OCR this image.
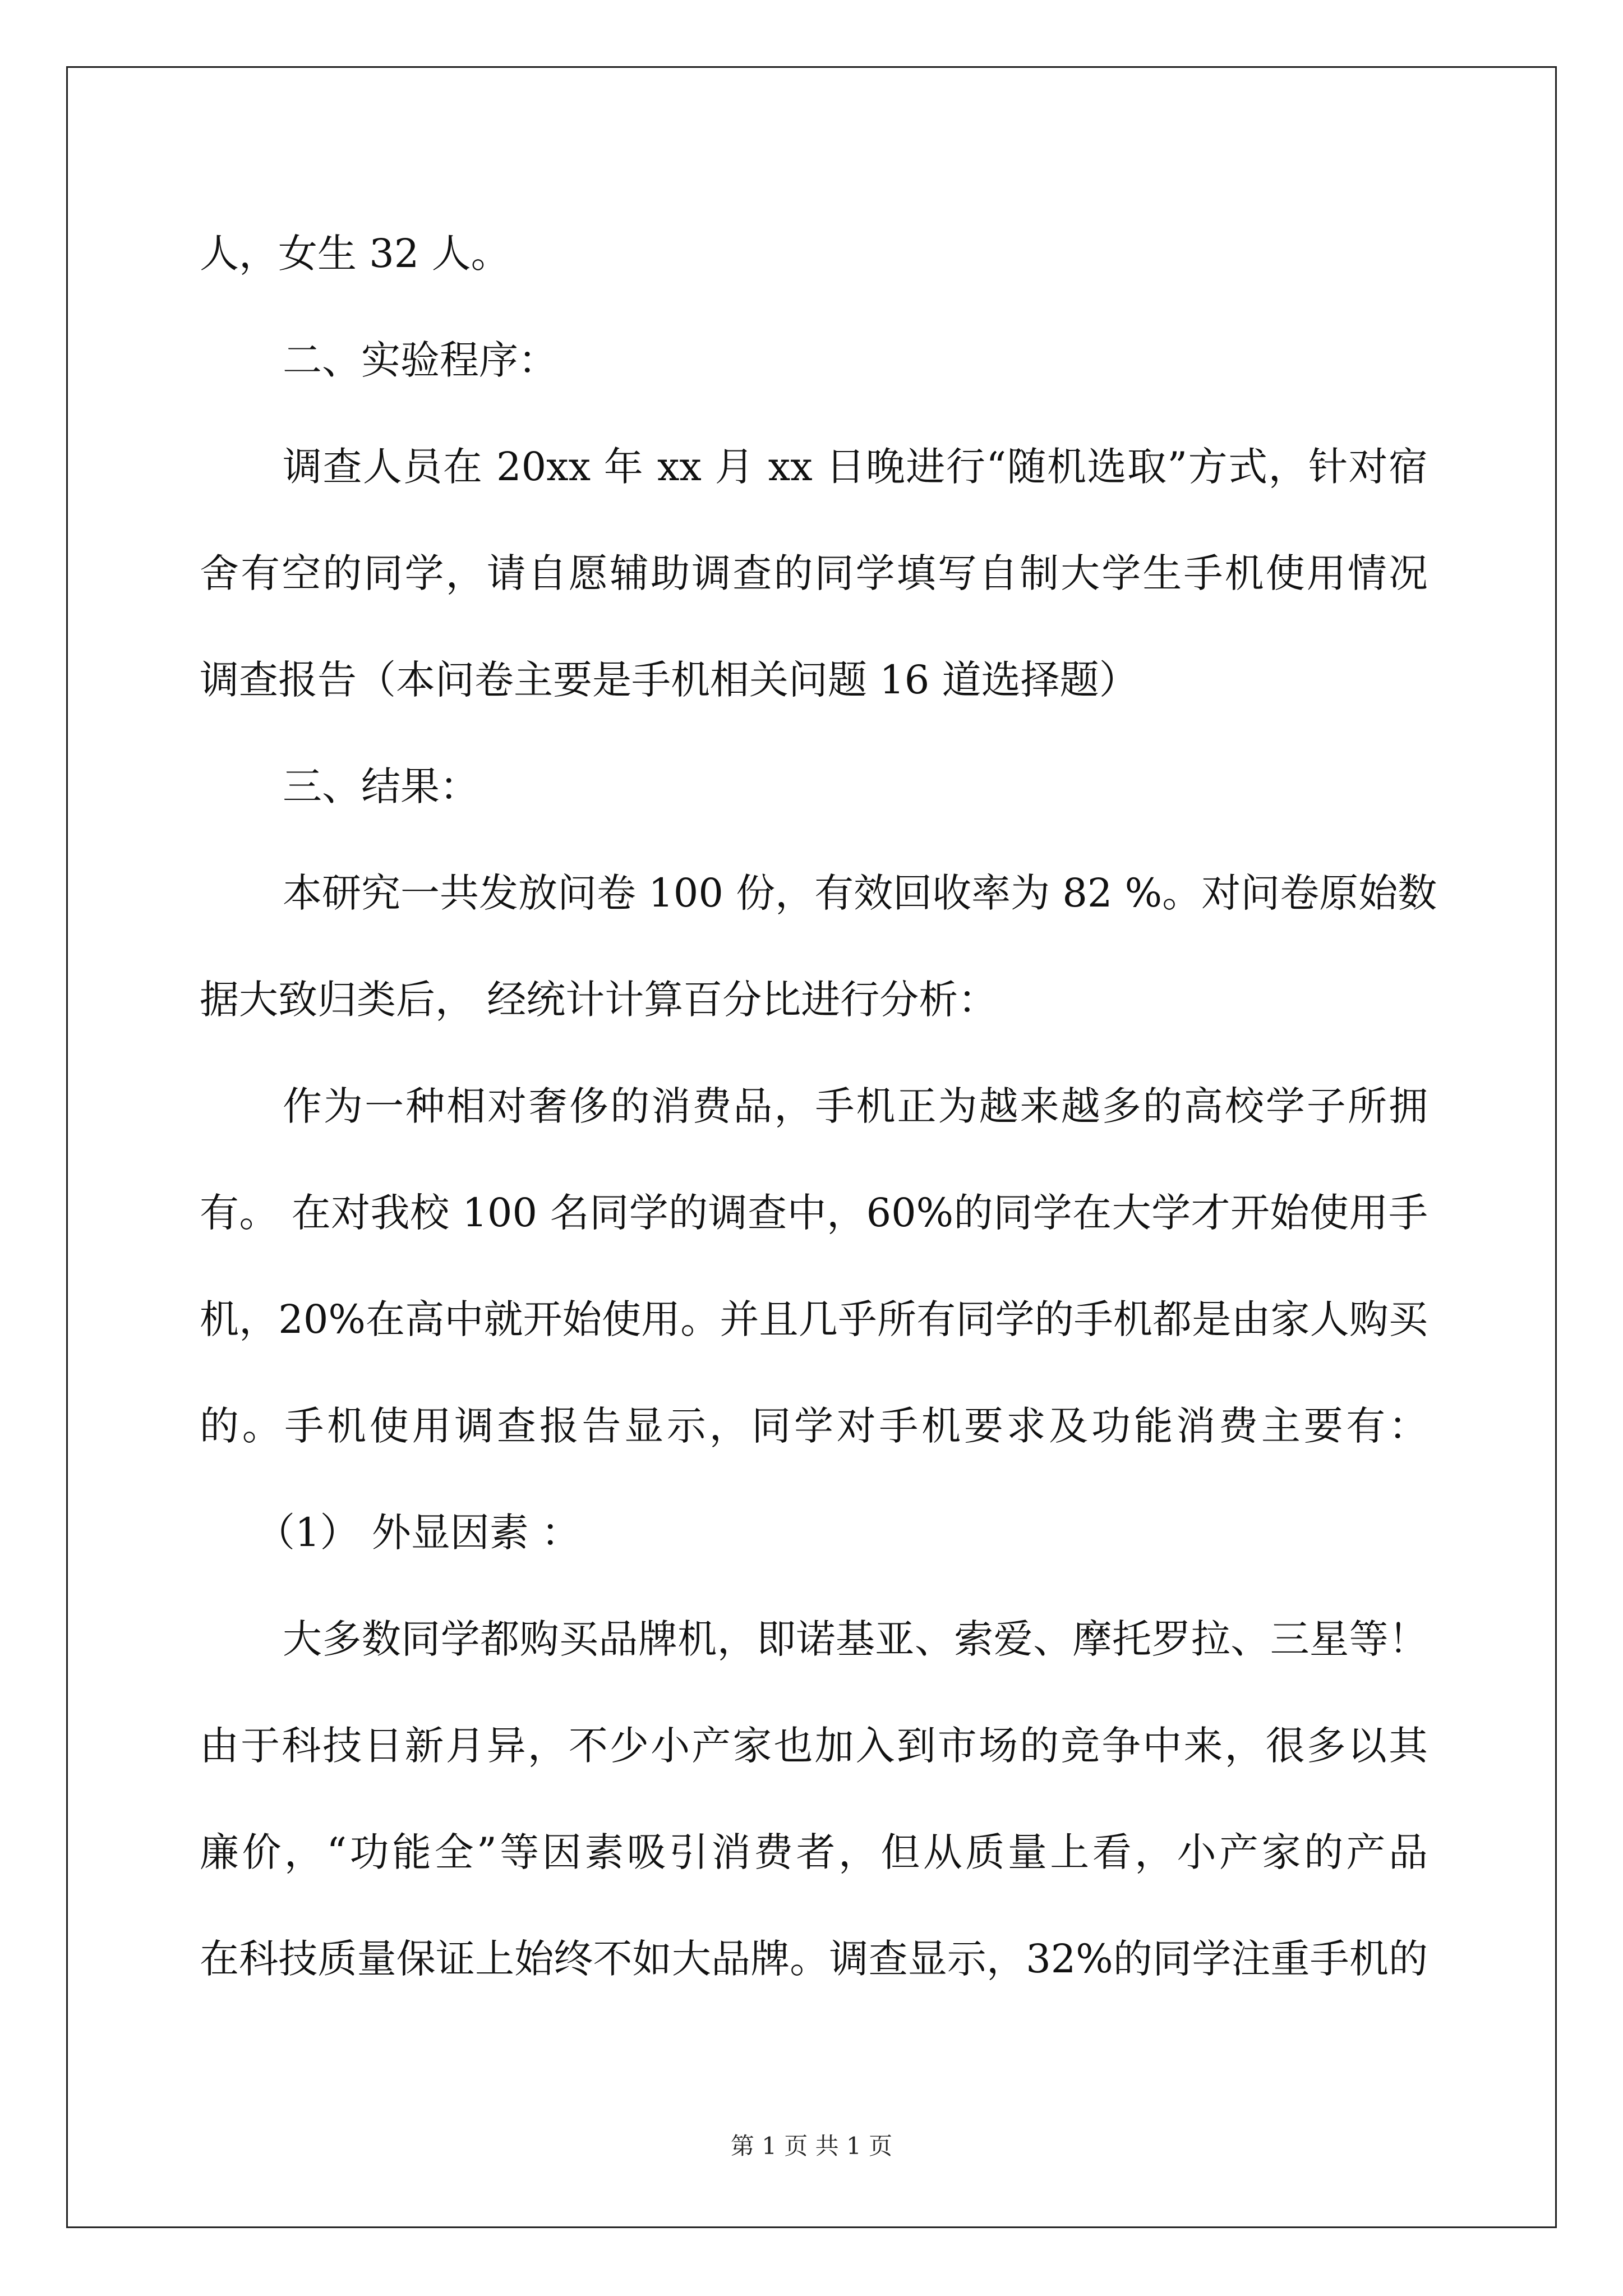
人，女生 32 人。
二、实验程序：
调查人员在 20xx 年 xx 月 xx 日晚进行“随机选取”方式，针对宿
舍有空的同学，请自愿辅助调查的同学填写自制大学生手机使用情况
调查报告（本问卷主要是手机相关问题 16 道选择题）
三、结果：
本研究一共发放问卷 100 份，有效回收率为 82 %。对问卷原始数
据大致归类后， 经统计计算百分比进行分析：
作为一种相对奢侈的消费品，手机正为越来越多的高校学子所拥
有。 在对我校 100 名同学的调查中，60%的同学在大学才开始使用手
机，20%在高中就开始使用。并且几乎所有同学的手机都是由家人购买
的。手机使用调查报告显示，同学对手机要求及功能消费主要有：
（1） 外显因素 ：
大多数同学都购买品牌机，即诺基亚、索爱、摩托罗拉、三星等！
由于科技日新月异，不少小产家也加入到市场的竞争中来，很多以其
廉价，“功能全”等因素吸引消费者，但从质量上看，小产家的产品
在科技质量保证上始终不如大品牌。调查显示，32%的同学注重手机的
第 1 页 共 1 页
